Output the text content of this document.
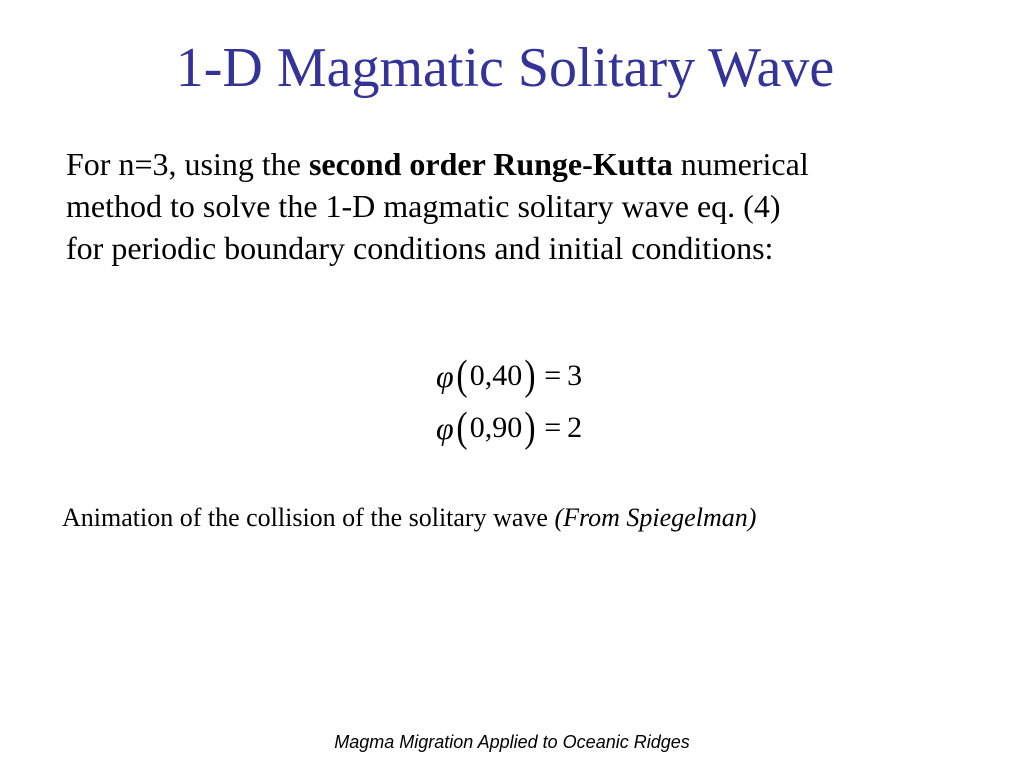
1-D Magmatic Solitary Wave
For n=3, using the second order Runge-Kutta numerical
method to solve the 1-D magmatic solitary wave eq. (4)
for periodic boundary conditions and initial conditions:
φ ( 0,40 ) = 3
φ ( 0,90 ) = 2
Animation of the collision of the solitary wave (From Spiegelman)
Magma Migration Applied to Oceanic Ridges
